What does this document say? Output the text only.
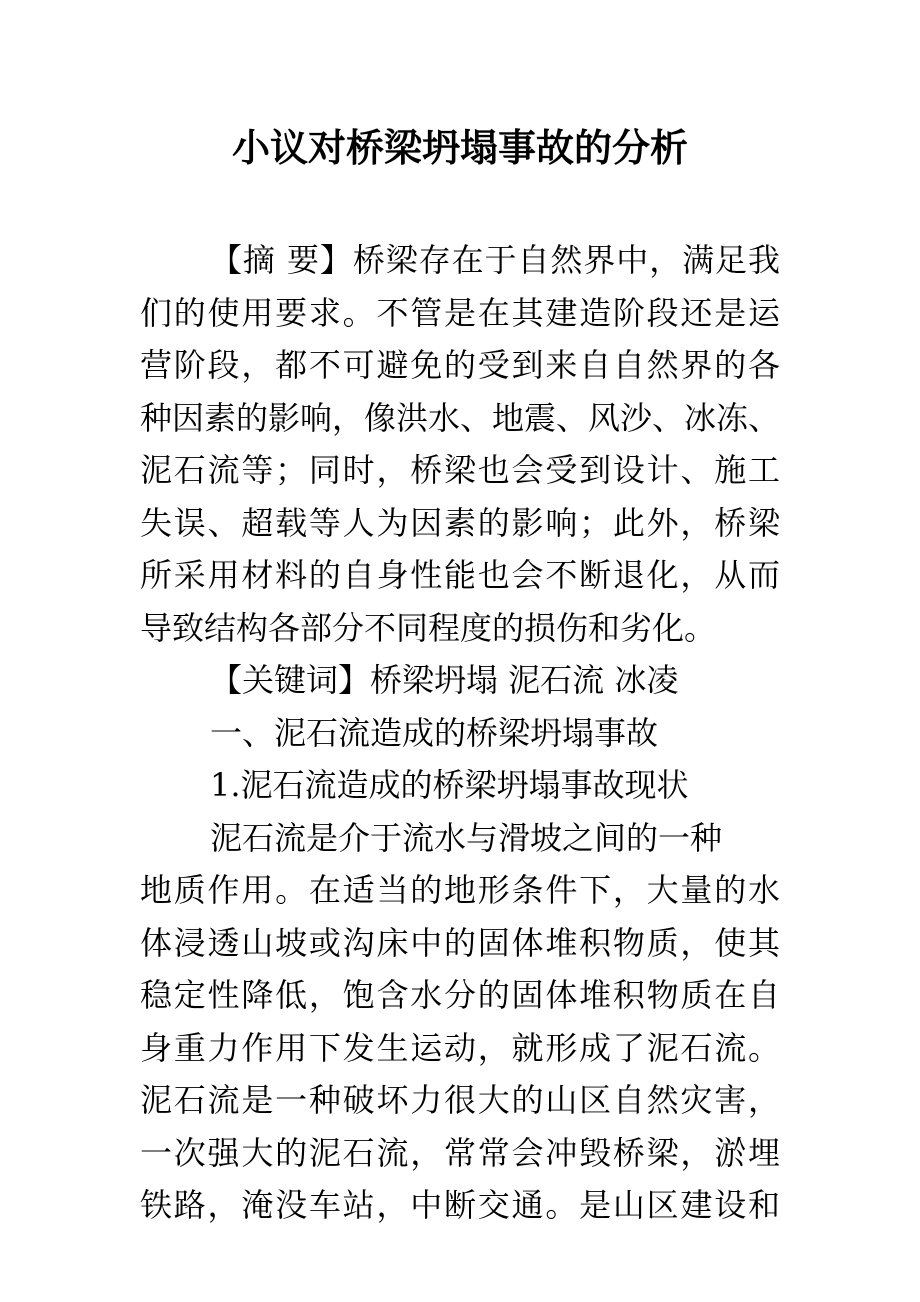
小议对桥梁坍塌事故的分析

【摘 要】桥梁存在于自然界中，满足我
们的使用要求。不管是在其建造阶段还是运
营阶段，都不可避免的受到来自自然界的各
种因素的影响，像洪水、地震、风沙、冰冻、
泥石流等；同时，桥梁也会受到设计、施工
失误、超载等人为因素的影响；此外，桥梁
所采用材料的自身性能也会不断退化，从而
导致结构各部分不同程度的损伤和劣化。

【关键词】桥梁坍塌 泥石流 冰凌

一、泥石流造成的桥梁坍塌事故

1.泥石流造成的桥梁坍塌事故现状

泥石流是介于流水与滑坡之间的一种
地质作用。在适当的地形条件下，大量的水
体浸透山坡或沟床中的固体堆积物质，使其
稳定性降低，饱含水分的固体堆积物质在自
身重力作用下发生运动，就形成了泥石流。
泥石流是一种破坏力很大的山区自然灾害，
一次强大的泥石流，常常会冲毁桥梁，淤埋
铁路，淹没车站，中断交通。是山区建设和
